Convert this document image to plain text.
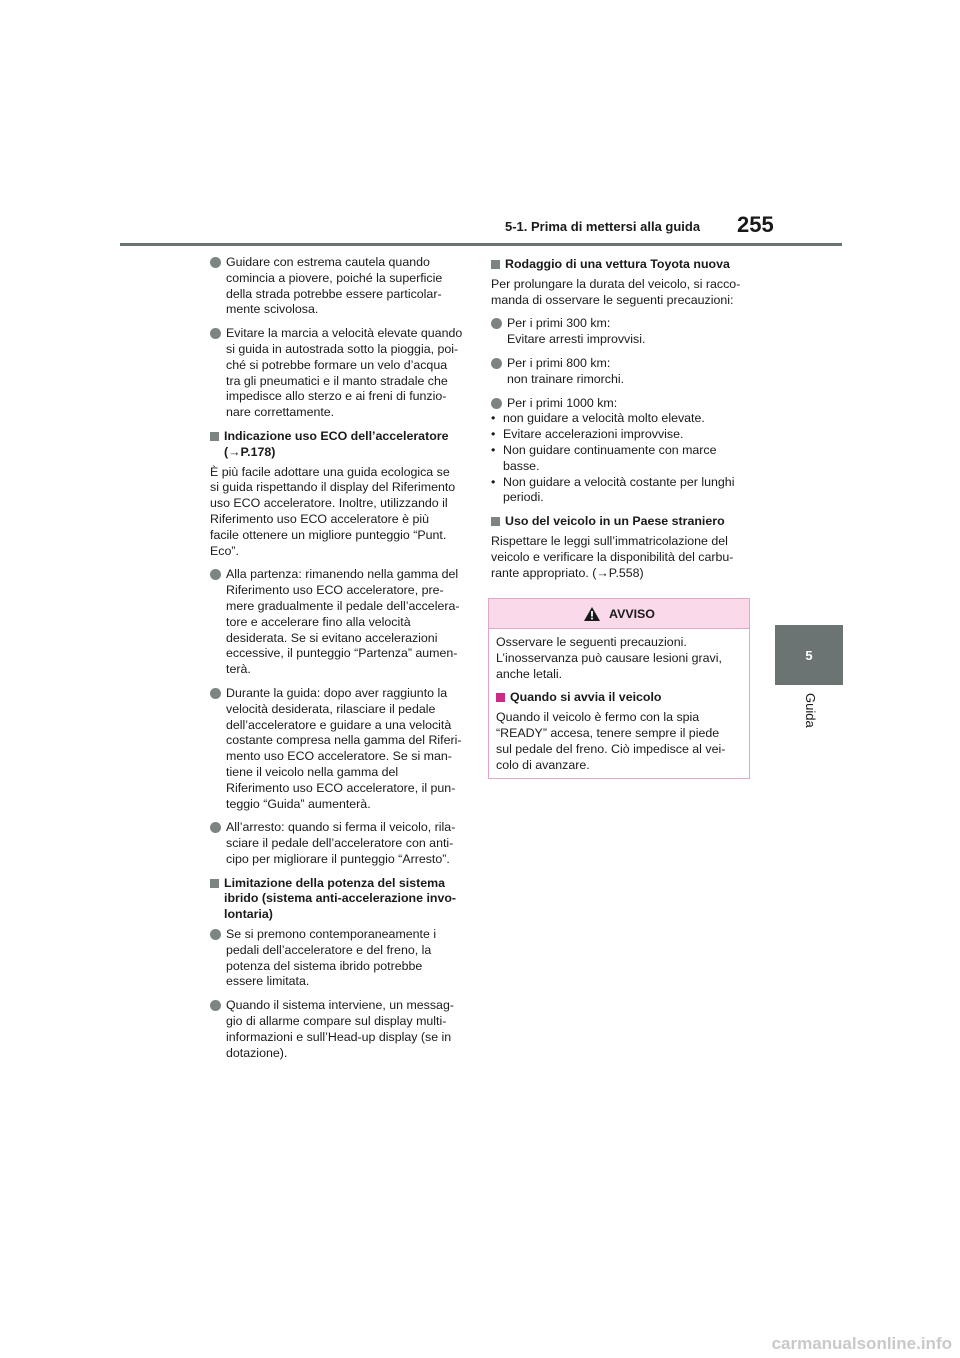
5-1. Prima di mettersi alla guida 255
5
Guida
Guidare con estrema cautela quando
comincia a piovere, poiché la superficie
della strada potrebbe essere particolar-
mente scivolosa.
Evitare la marcia a velocità elevate quando
si guida in autostrada sotto la pioggia, poi-
ché si potrebbe formare un velo d’acqua
tra gli pneumatici e il manto stradale che
impedisce allo sterzo e ai freni di funzio-
nare correttamente.
Indicazione uso ECO dell’acceleratore
(→P.178)
È più facile adottare una guida ecologica se
si guida rispettando il display del Riferimento
uso ECO acceleratore. Inoltre, utilizzando il
Riferimento uso ECO acceleratore è più
facile ottenere un migliore punteggio “Punt.
Eco”.
Alla partenza: rimanendo nella gamma del
Riferimento uso ECO acceleratore, pre-
mere gradualmente il pedale dell’accelera-
tore e accelerare fino alla velocità
desiderata. Se si evitano accelerazioni
eccessive, il punteggio “Partenza” aumen-
terà.
Durante la guida: dopo aver raggiunto la
velocità desiderata, rilasciare il pedale
dell’acceleratore e guidare a una velocità
costante compresa nella gamma del Riferi-
mento uso ECO acceleratore. Se si man-
tiene il veicolo nella gamma del
Riferimento uso ECO acceleratore, il pun-
teggio “Guida” aumenterà.
All’arresto: quando si ferma il veicolo, rila-
sciare il pedale dell’acceleratore con anti-
cipo per migliorare il punteggio “Arresto”.
Limitazione della potenza del sistema
ibrido (sistema anti-accelerazione invo-
lontaria)
Se si premono contemporaneamente i
pedali dell’acceleratore e del freno, la
potenza del sistema ibrido potrebbe
essere limitata.
Quando il sistema interviene, un messag-
gio di allarme compare sul display multi-
informazioni e sull’Head-up display (se in
dotazione).
Rodaggio di una vettura Toyota nuova
Per prolungare la durata del veicolo, si racco-
manda di osservare le seguenti precauzioni:
Per i primi 300 km:
Evitare arresti improvvisi.
Per i primi 800 km:
non trainare rimorchi.
Per i primi 1000 km:
• non guidare a velocità molto elevate.
• Evitare accelerazioni improvvise.
• Non guidare continuamente con marce
basse.
• Non guidare a velocità costante per lunghi
periodi.
Uso del veicolo in un Paese straniero
Rispettare le leggi sull’immatricolazione del
veicolo e verificare la disponibilità del carbu-
rante appropriato. (→P.558)
AVVISO
Osservare le seguenti precauzioni.
L’inosservanza può causare lesioni gravi,
anche letali.
Quando si avvia il veicolo
Quando il veicolo è fermo con la spia
“READY” accesa, tenere sempre il piede
sul pedale del freno. Ciò impedisce al vei-
colo di avanzare.
carmanualsonline.info
